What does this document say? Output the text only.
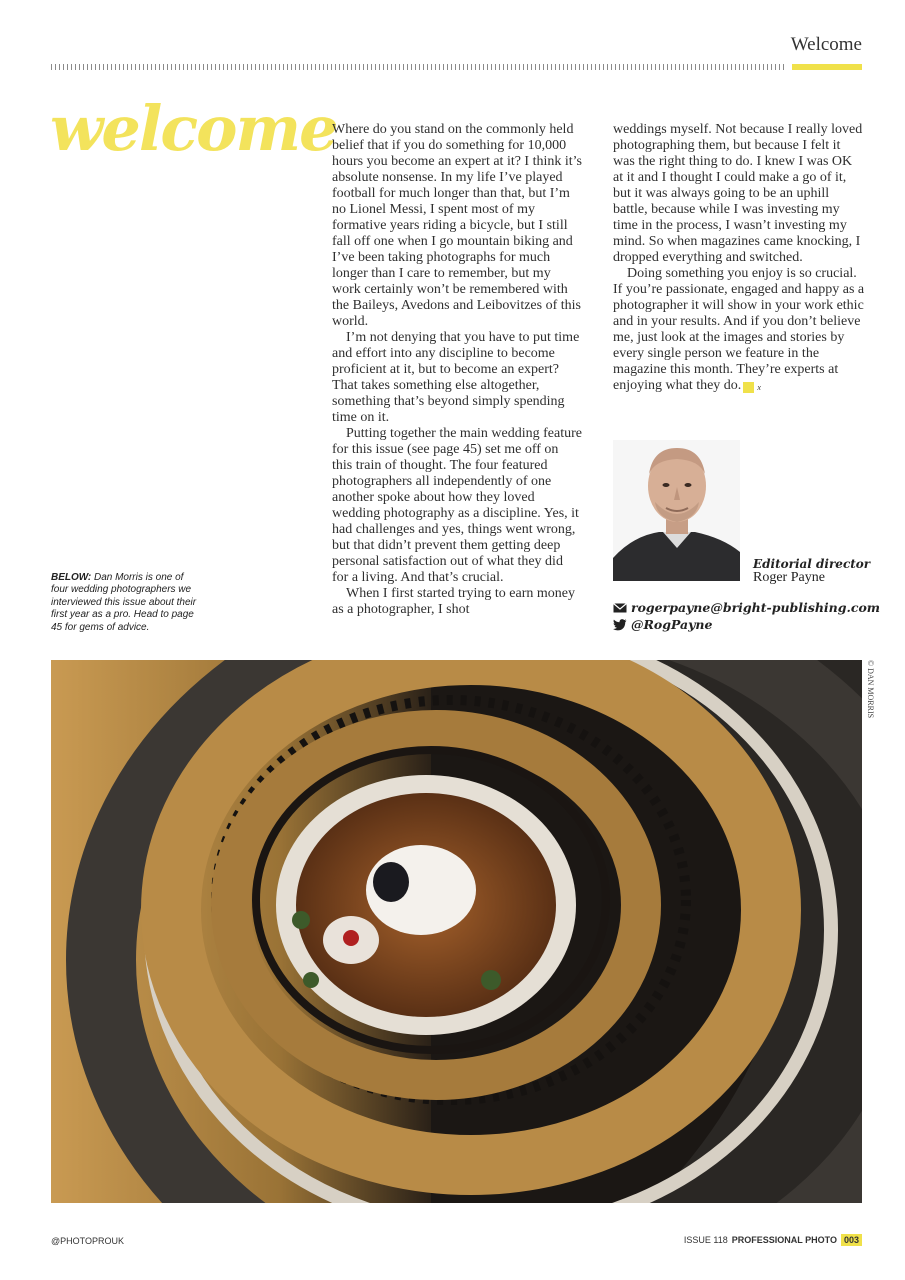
Welcome
welcome
BELOW: Dan Morris is one of four wedding photographers we interviewed this issue about their first year as a pro. Head to page 45 for gems of advice.

Where do you stand on the commonly held belief that if you do something for 10,000 hours you become an expert at it? I think it’s absolute nonsense. In my life I’ve played football for much longer than that, but I’m no Lionel Messi, I spent most of my formative years riding a bicycle, but I still fall off one when I go mountain biking and I’ve been taking photographs for much longer than I care to remember, but my work certainly won’t be remembered with the Baileys, Avedons and Leibovitzes of this world.

I’m not denying that you have to put time and effort into any discipline to become proficient at it, but to become an expert? That takes something else altogether, something that’s beyond simply spending time on it.

Putting together the main wedding feature for this issue (see page 45) set me off on this train of thought. The four featured photographers all independently of one another spoke about how they loved wedding photography as a discipline. Yes, it had challenges and yes, things went wrong, but that didn’t prevent them getting deep personal satisfaction out of what they did for a living. And that’s crucial.

When I first started trying to earn money as a photographer, I shot

weddings myself. Not because I really loved photographing them, but because I felt it was the right thing to do. I knew I was OK at it and I thought I could make a go of it, but it was always going to be an uphill battle, because while I was investing my time in the process, I wasn’t investing my mind. So when magazines came knocking, I dropped everything and switched.

Doing something you enjoy is so crucial. If you’re passionate, engaged and happy as a photographer it will show in your work ethic and in your results. And if you don’t believe me, just look at the images and stories by every single person we feature in the magazine this month. They’re experts at enjoying what they do. x

Editorial director
Roger Payne
rogerpayne@bright-publishing.com
@RogPayne
© DAN MORRIS
@PHOTOPROUK	ISSUE 118 PROFESSIONAL PHOTO 003
